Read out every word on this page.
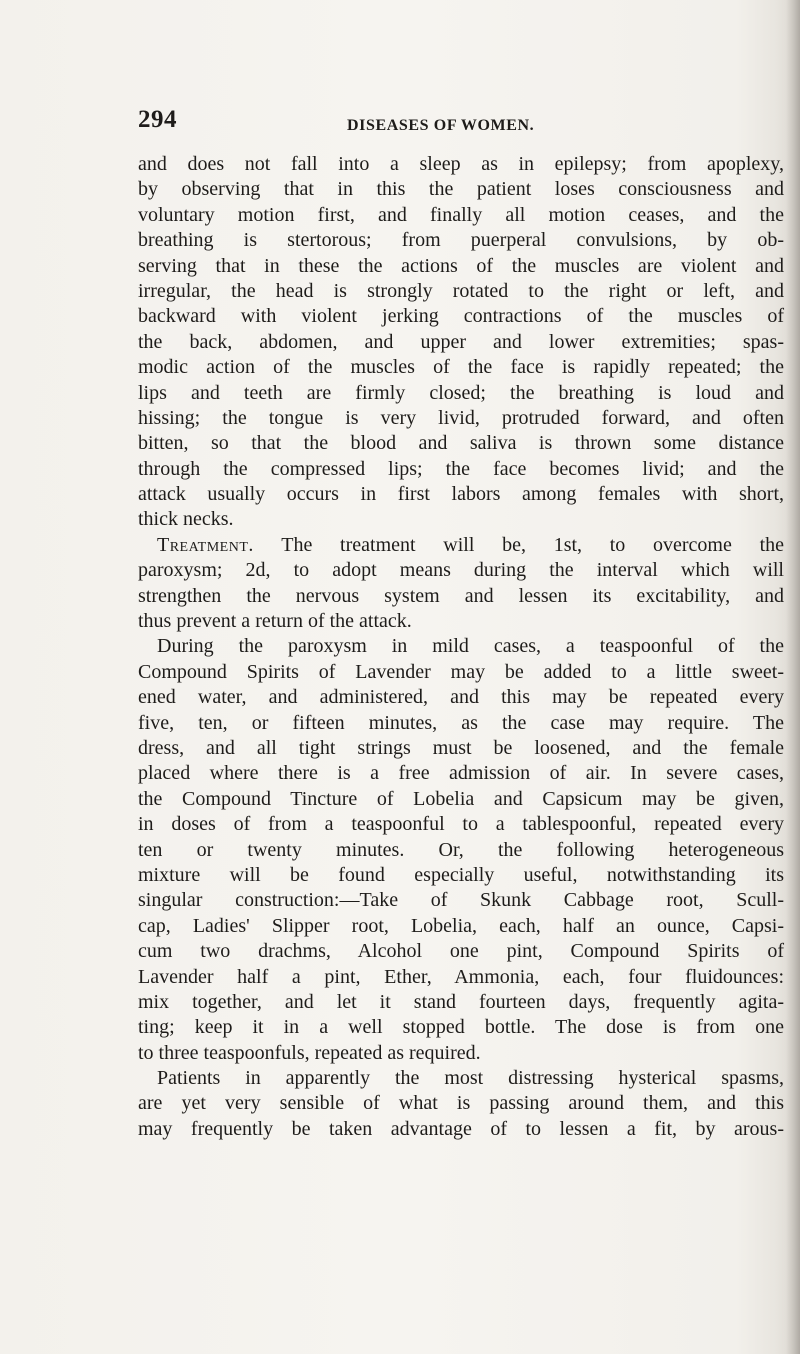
294	DISEASES OF WOMEN.
and does not fall into a sleep as in epilepsy; from apoplexy,
by observing that in this the patient loses consciousness and
voluntary motion first, and finally all motion ceases, and the
breathing is stertorous; from puerperal convulsions, by ob-
serving that in these the actions of the muscles are violent and
irregular, the head is strongly rotated to the right or left, and
backward with violent jerking contractions of the muscles of
the back, abdomen, and upper and lower extremities; spas-
modic action of the muscles of the face is rapidly repeated; the
lips and teeth are firmly closed; the breathing is loud and
hissing; the tongue is very livid, protruded forward, and often
bitten, so that the blood and saliva is thrown some distance
through the compressed lips; the face becomes livid; and the
attack usually occurs in first labors among females with short,
thick necks.
Treatment. The treatment will be, 1st, to overcome the
paroxysm; 2d, to adopt means during the interval which will
strengthen the nervous system and lessen its excitability, and
thus prevent a return of the attack.
During the paroxysm in mild cases, a teaspoonful of the
Compound Spirits of Lavender may be added to a little sweet-
ened water, and administered, and this may be repeated every
five, ten, or fifteen minutes, as the case may require. The
dress, and all tight strings must be loosened, and the female
placed where there is a free admission of air. In severe cases,
the Compound Tincture of Lobelia and Capsicum may be given,
in doses of from a teaspoonful to a tablespoonful, repeated every
ten or twenty minutes. Or, the following heterogeneous
mixture will be found especially useful, notwithstanding its
singular construction:—Take of Skunk Cabbage root, Scull-
cap, Ladies' Slipper root, Lobelia, each, half an ounce, Capsi-
cum two drachms, Alcohol one pint, Compound Spirits of
Lavender half a pint, Ether, Ammonia, each, four fluidounces:
mix together, and let it stand fourteen days, frequently agita-
ting; keep it in a well stopped bottle. The dose is from one
to three teaspoonfuls, repeated as required.
Patients in apparently the most distressing hysterical spasms,
are yet very sensible of what is passing around them, and this
may frequently be taken advantage of to lessen a fit, by arous-
